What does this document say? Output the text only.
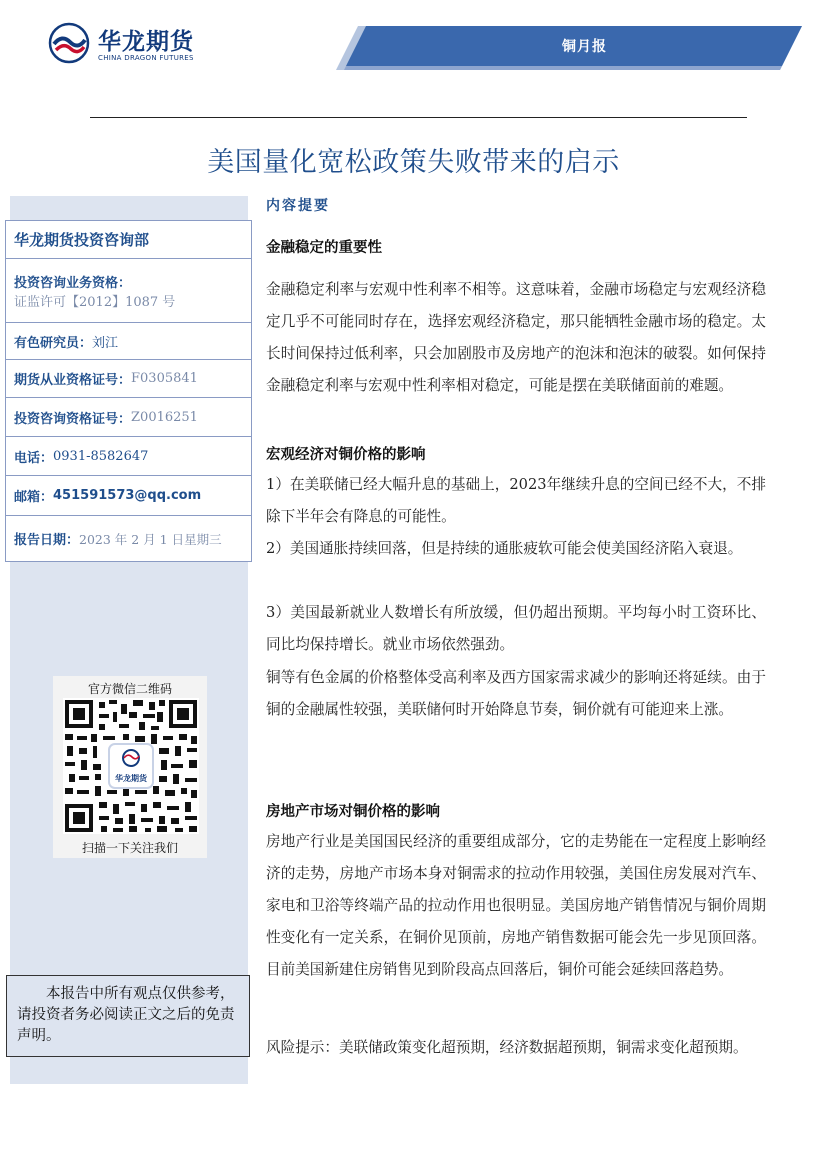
华龙期货
CHINA DRAGON FUTURES
铜月报
美国量化宽松政策失败带来的启示
华龙期货投资咨询部
投资咨询业务资格：
证监许可【2012】1087 号
有色研究员： 刘江
期货从业资格证号： F0305841
投资咨询资格证号： Z0016251
电话： 0931-8582647
邮箱： 451591573@qq.com
报告日期： 2023 年 2 月 1 日星期三
官方微信二维码
华龙期货
扫描一下关注我们
本报告中所有观点仅供参考，请投资者务必阅读正文之后的免责声明。
内容提要
金融稳定的重要性
金融稳定利率与宏观中性利率不相等。这意味着，金融市场稳定与宏观经济稳定几乎不可能同时存在，选择宏观经济稳定，那只能牺牲金融市场的稳定。太长时间保持过低利率，只会加剧股市及房地产的泡沫和泡沫的破裂。如何保持金融稳定利率与宏观中性利率相对稳定，可能是摆在美联储面前的难题。
宏观经济对铜价格的影响
1）在美联储已经大幅升息的基础上，2023年继续升息的空间已经不大，不排除下半年会有降息的可能性。
2）美国通胀持续回落，但是持续的通胀疲软可能会使美国经济陷入衰退。
3）美国最新就业人数增长有所放缓，但仍超出预期。平均每小时工资环比、同比均保持增长。就业市场依然强劲。
铜等有色金属的价格整体受高利率及西方国家需求减少的影响还将延续。由于铜的金融属性较强，美联储何时开始降息节奏，铜价就有可能迎来上涨。
房地产市场对铜价格的影响
房地产行业是美国国民经济的重要组成部分，它的走势能在一定程度上影响经济的走势，房地产市场本身对铜需求的拉动作用较强，美国住房发展对汽车、家电和卫浴等终端产品的拉动作用也很明显。美国房地产销售情况与铜价周期性变化有一定关系，在铜价见顶前，房地产销售数据可能会先一步见顶回落。目前美国新建住房销售见到阶段高点回落后，铜价可能会延续回落趋势。
风险提示：美联储政策变化超预期，经济数据超预期，铜需求变化超预期。
